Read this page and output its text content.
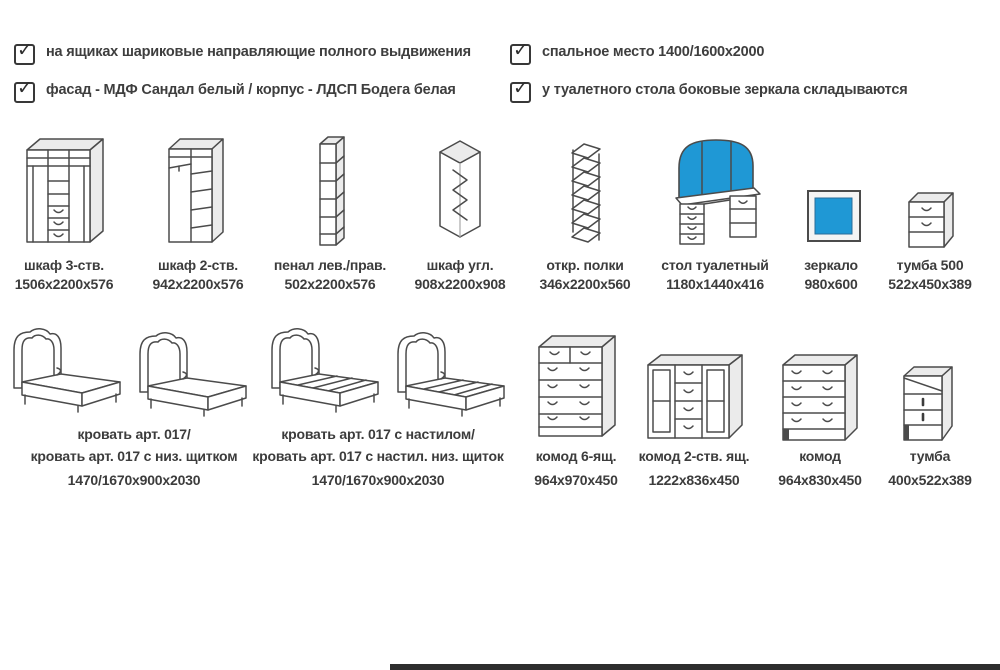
✓ на ящиках шариковые направляющие полного выдвижения
✓ фасад - МДФ Сандал белый / корпус - ЛДСП Бодега белая
✓ спальное место 1400/1600x2000
✓ у туалетного стола боковые зеркала складываются
шкаф 3-ств.
1506x2200x576
шкаф 2-ств.
942x2200x576
пенал лев./прав.
502x2200x576
шкаф угл.
908x2200x908
откр. полки
346x2200x560
стол туалетный
1180x1440x416
зеркало
980x600
тумба 500
522x450x389
кровать арт. 017/
кровать арт. 017 с низ. щитком
1470/1670x900x2030
кровать арт. 017 с настилом/
кровать арт. 017 с настил. низ. щиток
1470/1670x900x2030
комод 6-ящ.
964x970x450
комод 2-ств. ящ.
1222x836x450
комод
964x830x450
тумба
400x522x389
